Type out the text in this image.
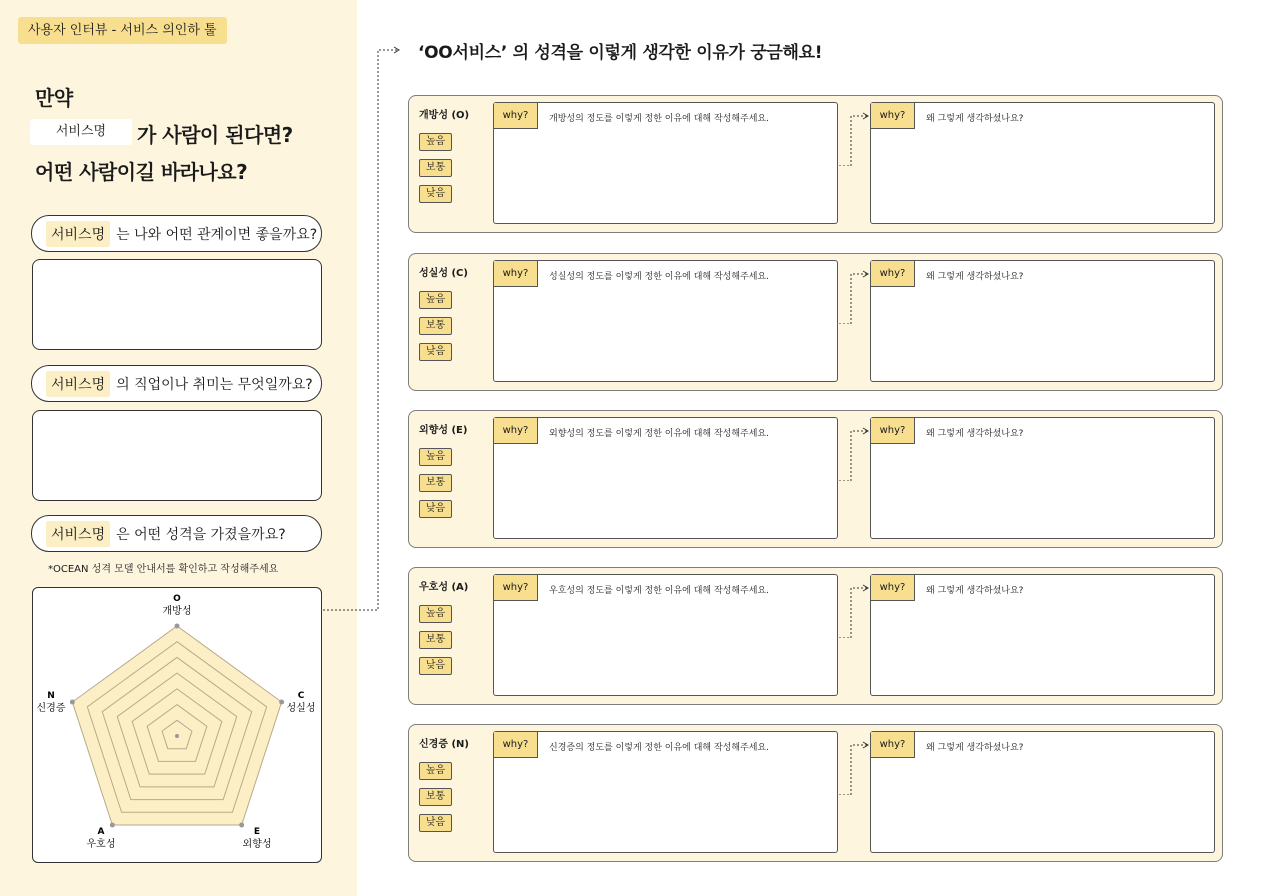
사용자 인터뷰 - 서비스 의인하 툴
만약
서비스명	가 사람이 된다면?
어떤 사람이길 바라나요?
서비스명 는 나와 어떤 관계이면 좋을까요?
서비스명 의 직업이나 취미는 무엇일까요?
서비스명 은 어떤 성격을 가졌을까요?
*OCEAN 성격 모델 안내서를 확인하고 작성해주세요
O
개방성
C
성실성
E
외향성
A
우호성
N
신경증
‘OO서비스’ 의 성격을 이렇게 생각한 이유가 궁금해요!
개방성 (O)
높음
보통
낮음
why?	개방성의 정도를 이렇게 정한 이유에 대해 작성해주세요.	why?	왜 그렇게 생각하셨나요?
성실성 (C)
높음
보통
낮음
why?	성실성의 정도를 이렇게 정한 이유에 대해 작성해주세요.	why?	왜 그렇게 생각하셨나요?
외향성 (E)
높음
보통
낮음
why?	외향성의 정도를 이렇게 정한 이유에 대해 작성해주세요.	why?	왜 그렇게 생각하셨나요?
우호성 (A)
높음
보통
낮음
why?	우호성의 정도를 이렇게 정한 이유에 대해 작성해주세요.	why?	왜 그렇게 생각하셨나요?
신경증 (N)
높음
보통
낮음
why?	신경증의 정도를 이렇게 정한 이유에 대해 작성해주세요.	why?	왜 그렇게 생각하셨나요?
